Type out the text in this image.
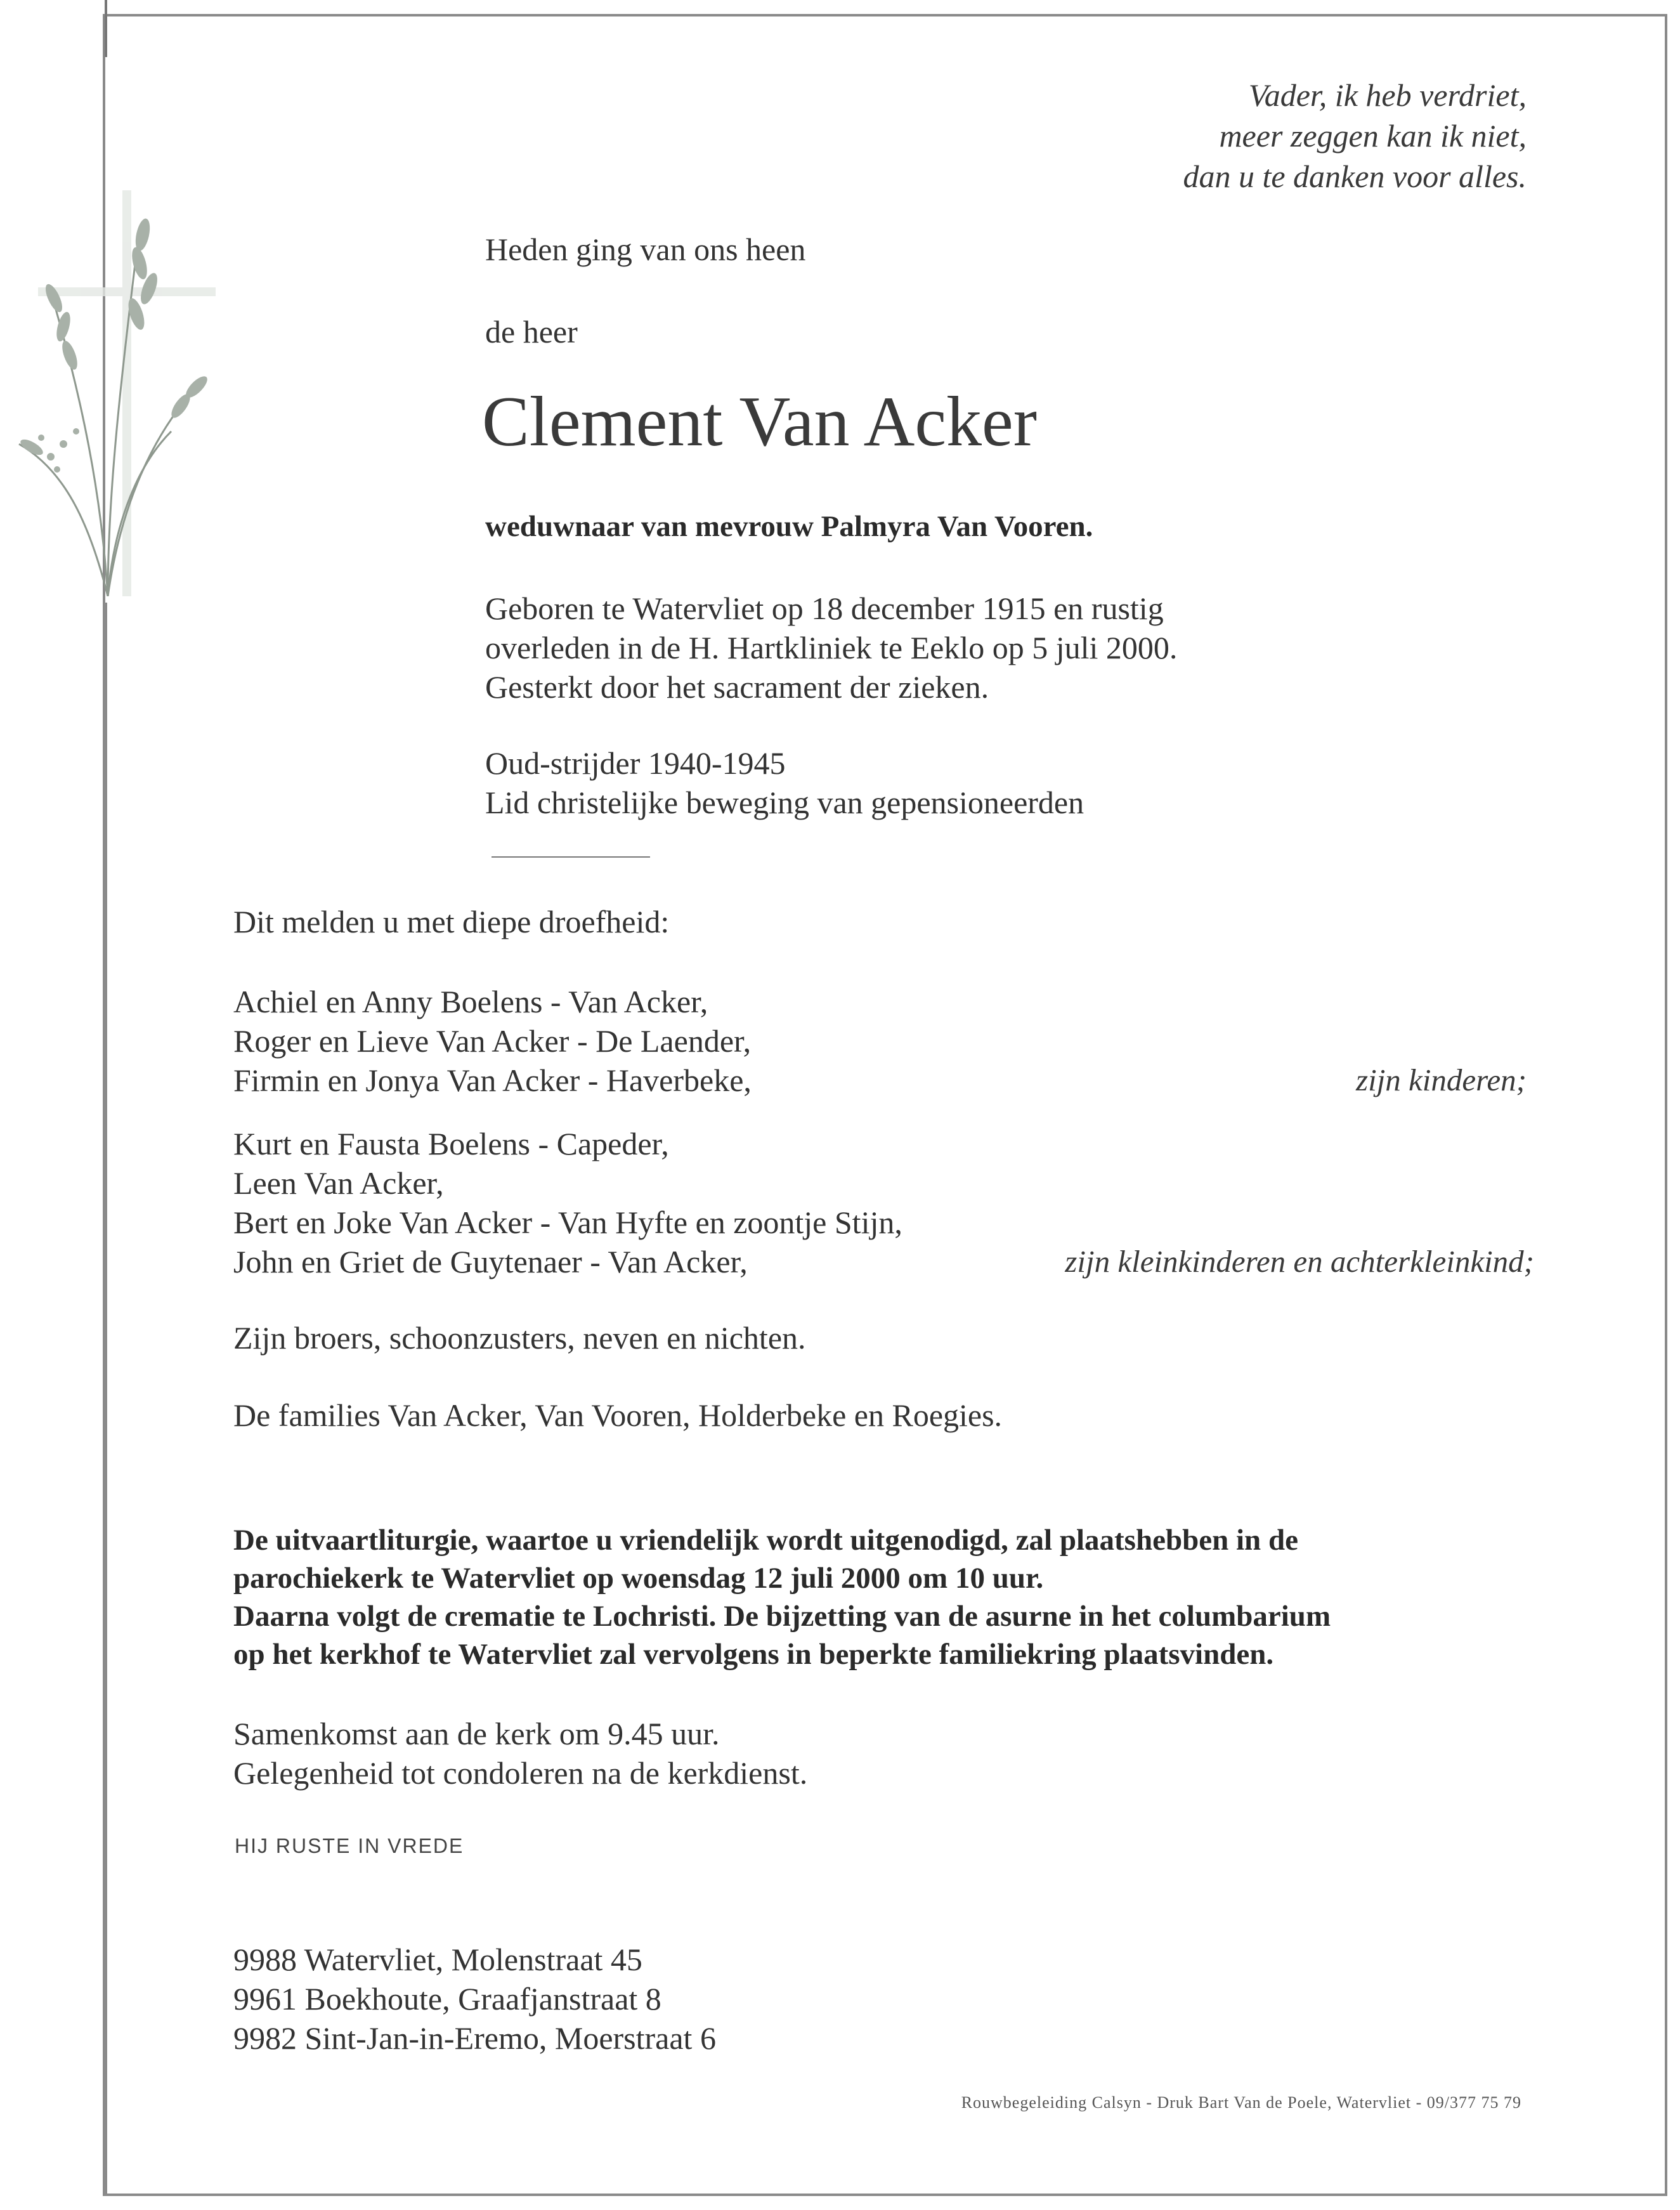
Vader, ik heb verdriet,
meer zeggen kan ik niet,
dan u te danken voor alles.
Heden ging van ons heen
de heer
Clement Van Acker
weduwnaar van mevrouw Palmyra Van Vooren.
Geboren te Watervliet op 18 december 1915 en rustig
overleden in de H. Hartkliniek te Eeklo op 5 juli 2000.
Gesterkt door het sacrament der zieken.
Oud-strijder 1940-1945
Lid christelijke beweging van gepensioneerden
Dit melden u met diepe droefheid:
Achiel en Anny Boelens - Van Acker,
Roger en Lieve Van Acker - De Laender,
Firmin en Jonya Van Acker - Haverbeke,	zijn kinderen;
Kurt en Fausta Boelens - Capeder,
Leen Van Acker,
Bert en Joke Van Acker - Van Hyfte en zoontje Stijn,
John en Griet de Guytenaer - Van Acker,	zijn kleinkinderen en achterkleinkind;
Zijn broers, schoonzusters, neven en nichten.
De families Van Acker, Van Vooren, Holderbeke en Roegies.
De uitvaartliturgie, waartoe u vriendelijk wordt uitgenodigd, zal plaatshebben in de
parochiekerk te Watervliet op woensdag 12 juli 2000 om 10 uur.
Daarna volgt de crematie te Lochristi. De bijzetting van de asurne in het columbarium
op het kerkhof te Watervliet zal vervolgens in beperkte familiekring plaatsvinden.
Samenkomst aan de kerk om 9.45 uur.
Gelegenheid tot condoleren na de kerkdienst.
HIJ RUSTE IN VREDE
9988 Watervliet, Molenstraat 45
9961 Boekhoute, Graafjanstraat 8
9982 Sint-Jan-in-Eremo, Moerstraat 6
Rouwbegeleiding Calsyn - Druk Bart Van de Poele, Watervliet - 09/377 75 79
